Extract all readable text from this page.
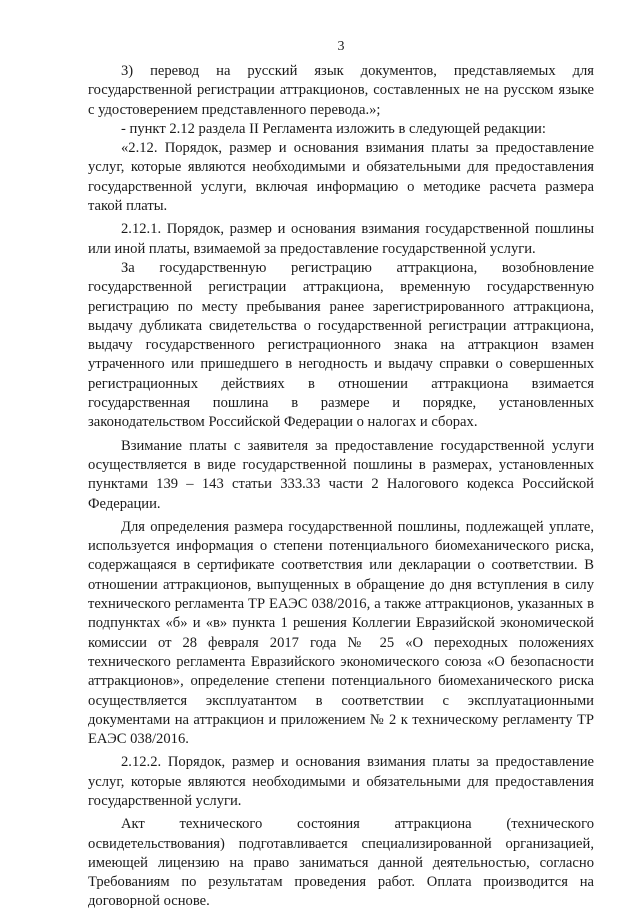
3

3) перевод на русский язык документов, представляемых для государственной регистрации аттракционов, составленных не на русском языке с удостоверением представленного перевода.»;

- пункт 2.12 раздела II Регламента изложить в следующей редакции:

«2.12. Порядок, размер и основания взимания платы за предоставление услуг, которые являются необходимыми и обязательными для предоставления государственной услуги, включая информацию о методике расчета размера такой платы.

2.12.1. Порядок, размер и основания взимания государственной пошлины или иной платы, взимаемой за предоставление государственной услуги.

За государственную регистрацию аттракциона, возобновление государственной регистрации аттракциона, временную государственную регистрацию по месту пребывания ранее зарегистрированного аттракциона, выдачу дубликата свидетельства о государственной регистрации аттракциона, выдачу государственного регистрационного знака на аттракцион взамен утраченного или пришедшего в негодность и выдачу справки о совершенных регистрационных действиях в отношении аттракциона взимается государственная пошлина в размере и порядке, установленных законодательством Российской Федерации о налогах и сборах.

Взимание платы с заявителя за предоставление государственной услуги осуществляется в виде государственной пошлины в размерах, установленных пунктами 139 – 143 статьи 333.33 части 2 Налогового кодекса Российской Федерации.

Для определения размера государственной пошлины, подлежащей уплате, используется информация о степени потенциального биомеханического риска, содержащаяся в сертификате соответствия или декларации о соответствии. В отношении аттракционов, выпущенных в обращение до дня вступления в силу технического регламента ТР ЕАЭС 038/2016, а также аттракционов, указанных в подпунктах «б» и «в» пункта 1 решения Коллегии Евразийской экономической комиссии от 28 февраля 2017 года № 25 «О переходных положениях технического регламента Евразийского экономического союза «О безопасности аттракционов», определение степени потенциального биомеханического риска осуществляется эксплуатантом в соответствии с эксплуатационными документами на аттракцион и приложением № 2 к техническому регламенту ТР ЕАЭС 038/2016.

2.12.2. Порядок, размер и основания взимания платы за предоставление услуг, которые являются необходимыми и обязательными для предоставления государственной услуги.

Акт технического состояния аттракциона (технического освидетельствования) подготавливается специализированной организацией, имеющей лицензию на право заниматься данной деятельностью, согласно Требованиям по результатам проведения работ. Оплата производится на договорной основе.
